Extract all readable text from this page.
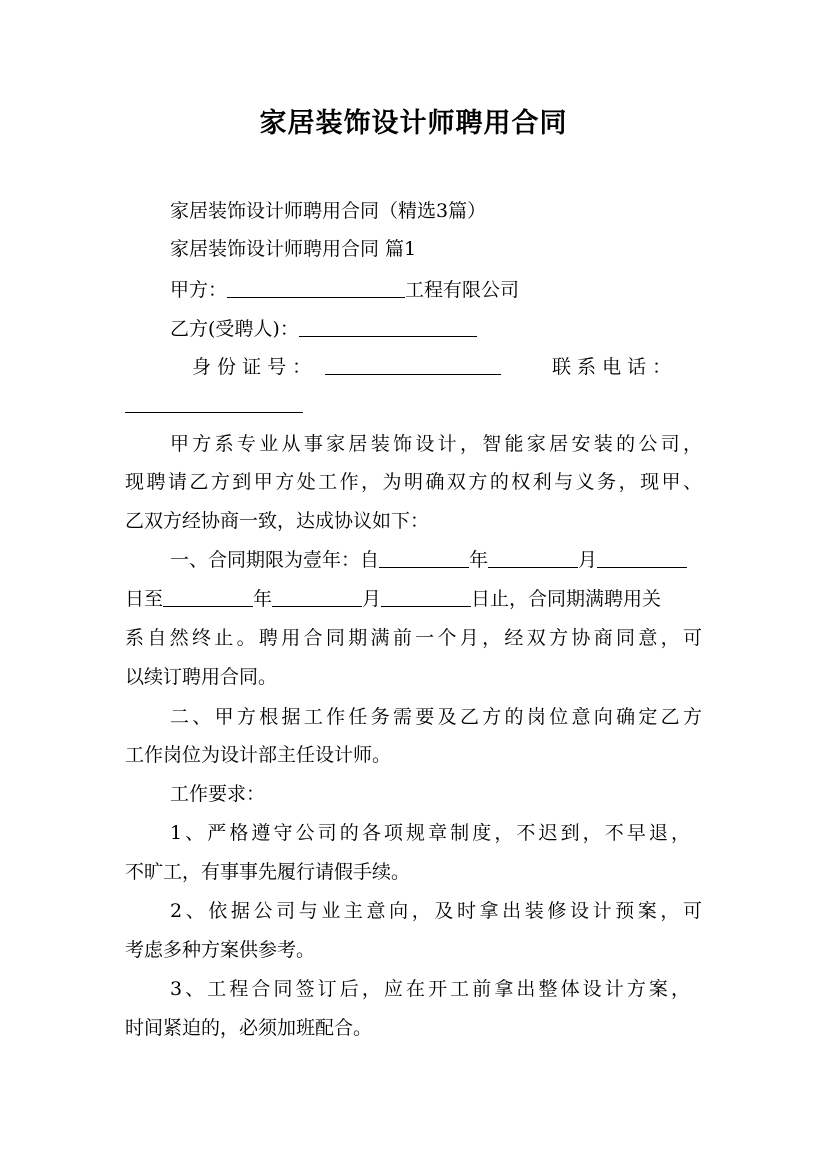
家居装饰设计师聘用合同
家居装饰设计师聘用合同（精选3篇）
家居装饰设计师聘用合同 篇1
甲方：	工程有限公司
乙方(受聘人)：
身 份 证 号 ：	联 系 电 话 ：
甲方系专业从事家居装饰设计，智能家居安装的公司，
现聘请乙方到甲方处工作，为明确双方的权利与义务，现甲、
乙双方经协商一致，达成协议如下：
一、合同期限为壹年：自	年	月
日至	年	月	日止，合同期满聘用关
系自然终止。聘用合同期满前一个月，经双方协商同意，可
以续订聘用合同。
二、甲方根据工作任务需要及乙方的岗位意向确定乙方
工作岗位为设计部主任设计师。
工作要求：
1、严格遵守公司的各项规章制度，不迟到，不早退，
不旷工，有事事先履行请假手续。
2、依据公司与业主意向，及时拿出装修设计预案，可
考虑多种方案供参考。
3、工程合同签订后，应在开工前拿出整体设计方案，
时间紧迫的，必须加班配合。
